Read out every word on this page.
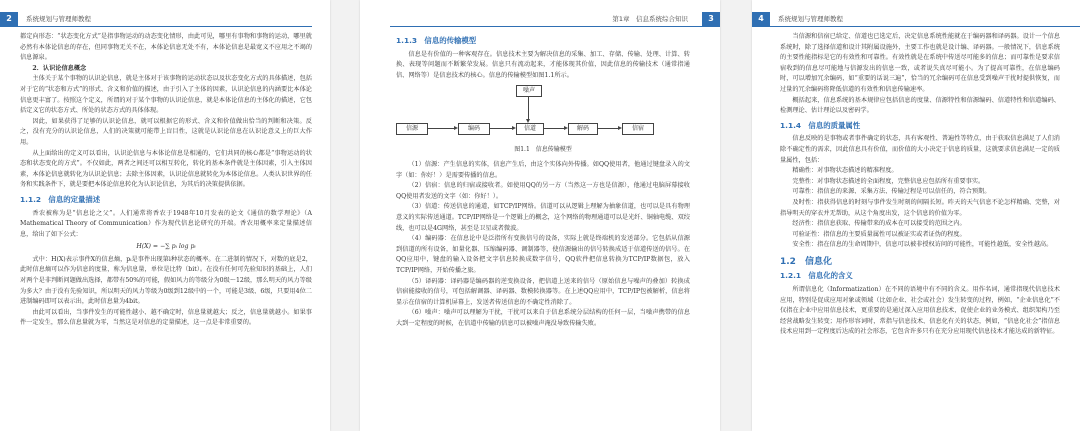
2	系统规划与管理师教程

都定向形态：“状态变化方式”是指事物运动的动态变化情形，由此可见，哪里有事物和事物的运动，哪里就必然有本体论信息的存在，但同事物无关不在，本体论信息无处不有，本体论信息是最宽义不应用之不竭的信息源泉。

2．认识论信息概念

主体关于某个事物的认识论信息，就是主体对于该事物的运动状态以及状态变化方式的具体描述，包括对于它的“状态和方式”的形式、含义和价值的描述，由于引入了主体的因素，认识论信息的内涵要比本体论信息更丰富了。按照这个定义，所谓的对于某个事物的认识论信息，就是本体论信息的主体化的描述，它包括定义它的状态方式、所处的状态方式的具体体现。

因此，如果获得了足够的认识论信息，就可以根据它的形式、含义和价值做出恰当的判断和决策。反之，没有充分的认识论信息，人们的决策就可能带上盲目性，这就是认识论信息在认识论意义上的巨大作用。

从上面给出的定义可以看出，认识论信息与本体论信息是相通的，它们共同的核心都是“事物运动的状态和状态变化的方式”。不仅如此，两者之间还可以相互转化，转化的基本条件就是主体因素，引入主体因素，本体论信息就转化为认识论信息；去除主体因素，认识论信息就转化为本体论信息。人类认识世界的任务和实践条件下，就是要把本体论信息转化为认识论信息，为其后的决策提供依据。

1.1.2　信息的定量描述

香农被称为是“信息论之父”。人们通常将香农于1948年10月发表的论文《通信的数学理论》（A Mathematical Theory of Communication）作为现代信息论研究的开端。香农用概率来定量描述信息，给出了如下公式：

H(X) = −∑ pᵢ log pᵢ

式中：H(X)表示事件X的信息熵，pᵢ是事件出现第i种状态的概率。在二进制的情况下，对数的底是2，此时信息熵可以作为信息的度量，称为信息量，单位是比特（bit）。在没有任何可先验知识的基础上，人们对两个是非判断问题做出选择，都带有50%的可能，假如风力的等级分为0级～12级，那么明天的风力等级为多大？由于没有先验知识，所以明天的风力等级为0级到12级中的一个，可能是3级、6级，只要用4位二进制编码即可以表示出，此时信息量为4bit。

由此可以看出，当事件发生的可能性越小、越不确定时，信息量就越大；反之，信息量就越小。如果事件一定发生，那么信息量就为零，当然这是对信息的定量描述，这一点是非常重要的。

第1章　信息系统综合知识	3
1.1.3　信息的传输模型

信息是有价值的一种客观存在。信息技术主要为解决信息的采集、加工、存储、传输、处理、计算、转换、表现等问题而不断繁荣发展。信息只有流动起来，才能体现其价值，因此信息的传输技术（通常指通信、网络等）是信息技术的核心。信息的传输模型如图1.1所示。

噪声
信源	编码	信道	解码	信宿
图1.1　信息传输模型

（1）信源：产生信息的实体，信息产生后，由这个实体向外传播。如QQ使用者，他通过键盘录入的文字（如：你好！）是需要传播的信息。

（2）信宿：信息的归宿或接收者。如使用QQ的另一方（当然这一方也是信源），他通过电脑屏幕接收QQ使用者发送的文字（如：你好！）。

（3）信道：传送信息的通道，如TCP/IP网络。信道可以从逻辑上理解为抽象信道，也可以是具有物理意义的实际传送通道。TCP/IP网络是一个逻辑上的概念，这个网络的物理通道可以是光纤、铜轴电缆、双绞线，也可以是4G网络，甚至是卫星或者微波。

（4）编码器：在信息论中是泛指所有变换信号的设备，实际上就是终端机的发送部分。它包括从信源到信道的所有设备，如量化器、压缩编码器、调制器等，使信源输出的信号转换成适于信道传送的信号。在QQ应用中，键盘的输入设备把文字信息转换成数字信号，QQ软件把信息转换为TCP/IP数据包，放入TCP/IP网络，开始传播之旅。

（5）译码器：译码器是编码器的逆变换设备，把信道上送来的信号（原始信息与噪声的叠加）转换成信宿能接收的信号，可包括解调器、译码器、数模转换器等。在上述QQ应用中，TCP/IP包被解析，信息将显示在信宿的计算机屏幕上，发送者传送信息的不确定性消除了。

（6）噪声：噪声可以理解为干扰，干扰可以来自于信息系统分层结构的任何一层，当噪声携带的信息大到一定程度的时候，在信道中传输的信息可以被噪声淹没导致传输失败。

4	系统规划与管理师教程

当信源和信宿已给定、信道也已选定后，决定信息系统性能就在于编码器和译码器。设计一个信息系统时，除了选择信道和设计其附属设施外，主要工作也就是设计编、译码器。一般情况下，信息系统的主要性能指标是它的有效性和可靠性。有效性就是在系统中传送尽可能多的信息；而可靠性是要求信宿收到的信息尽可能地与信源发出的信息一致，或者说失真尽可能小。为了提高可靠性，在信息编码时，可以增加冗余编码，如“重要的话说三遍”，恰当的冗余编码可在信息受到噪声干扰时提供恢复，而过量的冗余编码将降低信道的有效性和信息传输速率。

概括起来，信息系统的基本规律应包括信息的度量、信源特性和信源编码、信道特性和信道编码、检测理论、估计理论以及密码学。

1.1.4　信息的质量属性

信息反映的是事物或者事件确定的状态，具有客观性、普遍性等特点，由于获取信息满足了人们消除不确定性的需求，因此信息具有价值，而价值的大小决定于信息的质量，这就要求信息满足一定的质量属性，包括：

精确性：对事物状态描述的精准程度。

完整性：对事物状态描述的全面程度，完整信息应包括所有重要事实。

可靠性：指信息的来源、采集方法、传输过程是可以信任的，符合预期。

及时性：指获得信息的时刻与事件发生时刻的间隔长短。昨天的天气信息不论怎样精确、完整，对指导明天的穿衣并无帮助，从这个角度出发，这个信息的价值为零。

经济性：指信息获取、传输带来的成本在可以接受的范围之内。

可验证性：指信息的主要质量属性可以被证实或者证伪的程度。

安全性：指在信息的生命周期中，信息可以被非授权访问的可能性，可能性越低，安全性越高。

1.2　信息化
1.2.1　信息化的含义

所谓信息化（Informatization）在不同的语境中有不同的含义。用作名词，通常指现代信息技术应用，特别是促成应用对象或领域（比如企业、社会或社会）发生转变的过程，例如，“企业信息化”不仅指在企业中应用信息技术，更重要的是通过深入应用信息技术，促使企业的业务模式、组织架构乃至经营战略发生转变；用作形容词时，常指与信息技术、信息化有关的状态，例如，“信息化社会”指信息技术应用到一定程度后达成的社会形态，它包含许多只有在充分应用现代信息技术才能达成的新特征。
